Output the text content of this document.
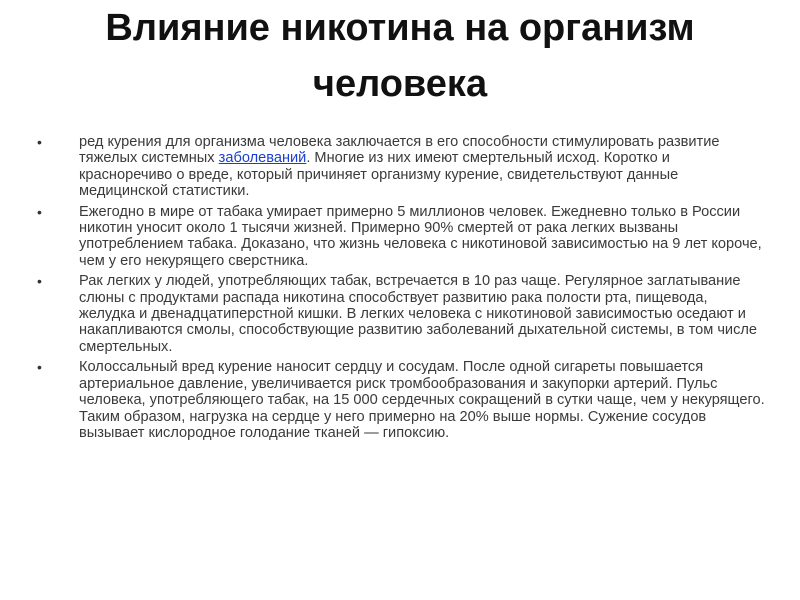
Влияние никотина на организм
человека
•	ред курения для организма человека заключается в его способности стимулировать развитие тяжелых системных заболеваний. Многие из них имеют смертельный исход. Коротко и красноречиво о вреде, который причиняет организму курение, свидетельствуют данные медицинской статистики.
•	Ежегодно в мире от табака умирает примерно 5 миллионов человек. Ежедневно только в России никотин уносит около 1 тысячи жизней. Примерно 90% смертей от рака легких вызваны употреблением табака. Доказано, что жизнь человека с никотиновой зависимостью на 9 лет короче, чем у его некурящего сверстника.
•	Рак легких у людей, употребляющих табак, встречается в 10 раз чаще. Регулярное заглатывание слюны с продуктами распада никотина способствует развитию рака полости рта, пищевода, желудка и двенадцатиперстной кишки. В легких человека с никотиновой зависимостью оседают и накапливаются смолы, способствующие развитию заболеваний дыхательной системы, в том числе смертельных.
•	Колоссальный вред курение наносит сердцу и сосудам. После одной сигареты повышается артериальное давление, увеличивается риск тромбообразования и закупорки артерий. Пульс человека, употребляющего табак, на 15 000 сердечных сокращений в сутки чаще, чем у некурящего. Таким образом, нагрузка на сердце у него примерно на 20% выше нормы. Сужение сосудов вызывает кислородное голодание тканей — гипоксию.
